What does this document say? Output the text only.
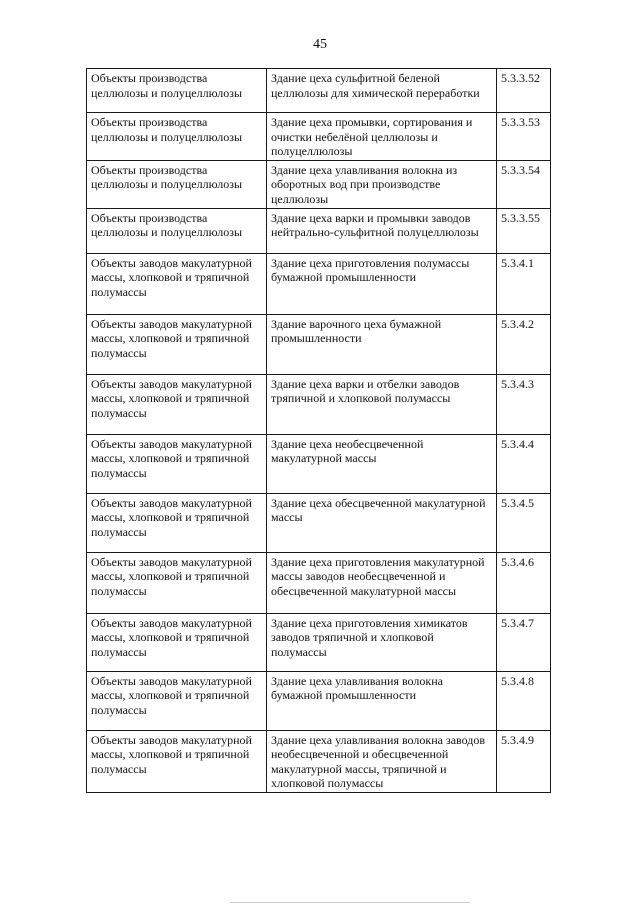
45
Объекты производства целлюлозы и полуцеллюлозы	Здание цеха сульфитной беленой целлюлозы для химической переработки	5.3.3.52
Объекты производства целлюлозы и полуцеллюлозы	Здание цеха промывки, сортирования и очистки небелёной целлюлозы и полуцеллюлозы	5.3.3.53
Объекты производства целлюлозы и полуцеллюлозы	Здание цеха улавливания волокна из оборотных вод при производстве целлюлозы	5.3.3.54
Объекты производства целлюлозы и полуцеллюлозы	Здание цеха варки и промывки заводов нейтрально-сульфитной полуцеллюлозы	5.3.3.55
Объекты заводов макулатурной массы, хлопковой и тряпичной полумассы	Здание цеха приготовления полумассы бумажной промышленности	5.3.4.1
Объекты заводов макулатурной массы, хлопковой и тряпичной полумассы	Здание варочного цеха бумажной промышленности	5.3.4.2
Объекты заводов макулатурной массы, хлопковой и тряпичной полумассы	Здание цеха варки и отбелки заводов тряпичной и хлопковой полумассы	5.3.4.3
Объекты заводов макулатурной массы, хлопковой и тряпичной полумассы	Здание цеха необесцвеченной макулатурной массы	5.3.4.4
Объекты заводов макулатурной массы, хлопковой и тряпичной полумассы	Здание цеха обесцвеченной макулатурной массы	5.3.4.5
Объекты заводов макулатурной массы, хлопковой и тряпичной полумассы	Здание цеха приготовления макулатурной массы заводов необесцвеченной и обесцвеченной макулатурной массы	5.3.4.6
Объекты заводов макулатурной массы, хлопковой и тряпичной полумассы	Здание цеха приготовления химикатов заводов тряпичной и хлопковой полумассы	5.3.4.7
Объекты заводов макулатурной массы, хлопковой и тряпичной полумассы	Здание цеха улавливания волокна бумажной промышленности	5.3.4.8
Объекты заводов макулатурной массы, хлопковой и тряпичной полумассы	Здание цеха улавливания волокна заводов необесцвеченной и обесцвеченной макулатурной массы, тряпичной и хлопковой полумассы	5.3.4.9
